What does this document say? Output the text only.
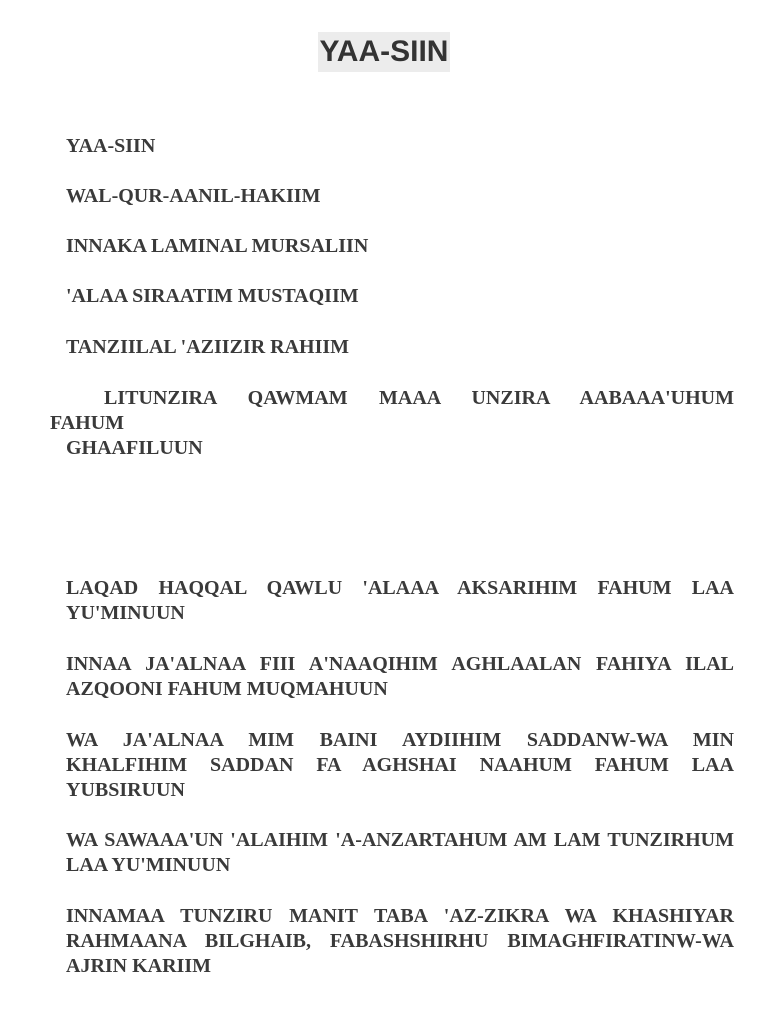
YAA-SIIN

YAA-SIIN

WAL-QUR-AANIL-HAKIIM

INNAKA LAMINAL MURSALIIN

'ALAA SIRAATIM MUSTAQIIM

TANZIILAL 'AZIIZIR RAHIIM

LITUNZIRA QAWMAM MAAA UNZIRA AABAAA'UHUM
FAHUM
GHAAFILUUN

LAQAD HAQQAL QAWLU 'ALAAA AKSARIHIM FAHUM LAA YU'MINUUN

INNAA JA'ALNAA FIII A'NAAQIHIM AGHLAALAN FAHIYA ILAL AZQOONI FAHUM MUQMAHUUN

WA JA'ALNAA MIM BAINI AYDIIHIM SADDANW-WA MIN KHALFIHIM SADDAN FA AGHSHAI NAAHUM FAHUM LAA YUBSIRUUN

WA SAWAAA'UN 'ALAIHIM 'A-ANZARTAHUM AM LAM TUNZIRHUM LAA YU'MINUUN

INNAMAA TUNZIRU MANIT TABA 'AZ-ZIKRA WA KHASHIYAR RAHMAANA BILGHAIB, FABASHSHIRHU BIMAGHFIRATINW-WA AJRIN KARIIM
